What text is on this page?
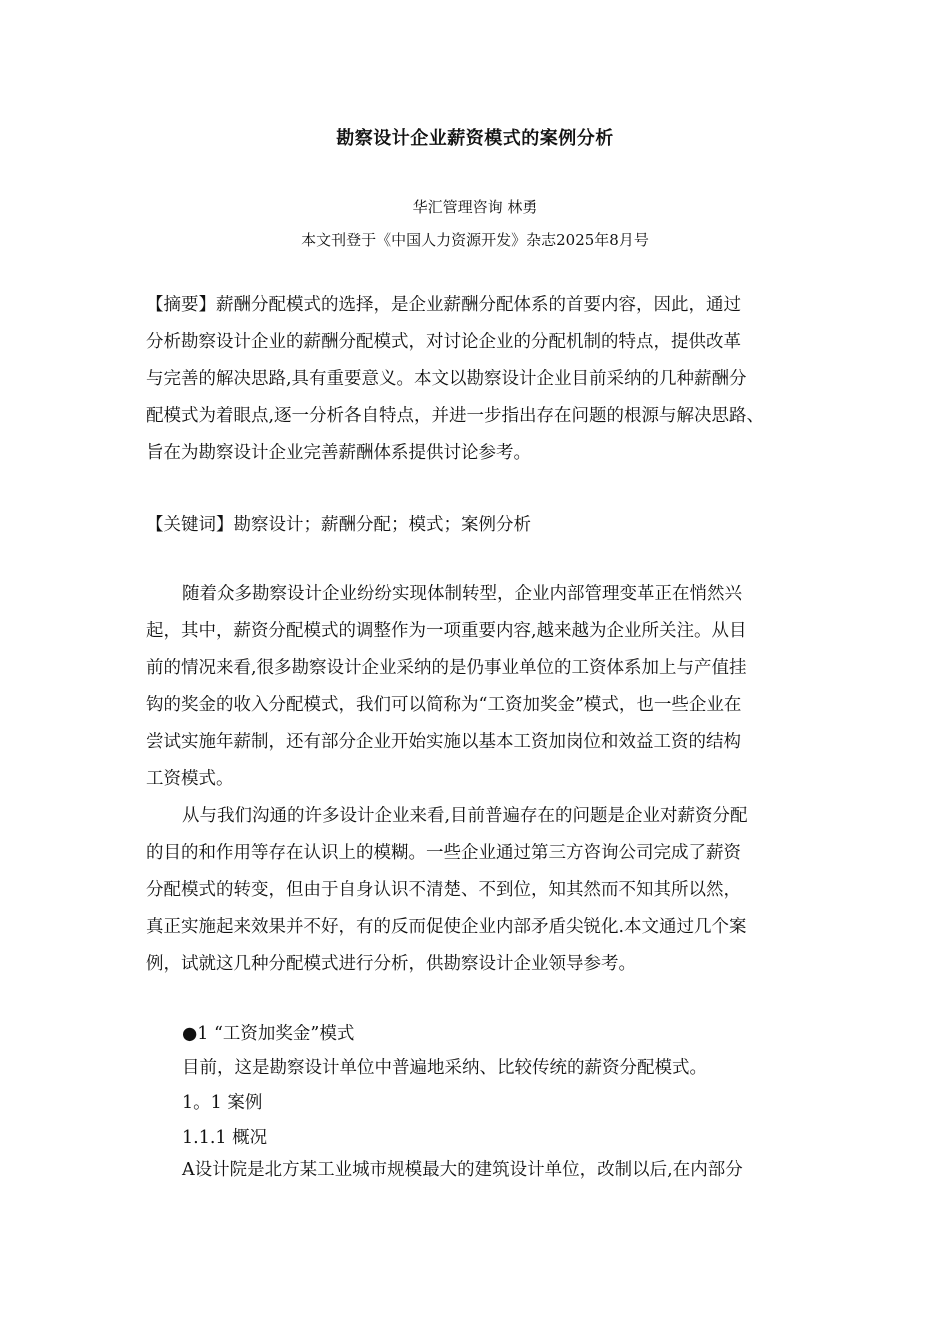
勘察设计企业薪资模式的案例分析
华汇管理咨询 林勇
本文刊登于《中国人力资源开发》杂志2025年8月号
【摘要】薪酬分配模式的选择，是企业薪酬分配体系的首要内容，因此，通过
分析勘察设计企业的薪酬分配模式，对讨论企业的分配机制的特点，提供改革
与完善的解决思路,具有重要意义。本文以勘察设计企业目前采纳的几种薪酬分
配模式为着眼点,逐一分析各自特点，并进一步指出存在问题的根源与解决思路、
旨在为勘察设计企业完善薪酬体系提供讨论参考。
【关键词】勘察设计；薪酬分配；模式；案例分析
随着众多勘察设计企业纷纷实现体制转型，企业内部管理变革正在悄然兴
起，其中，薪资分配模式的调整作为一项重要内容,越来越为企业所关注。从目
前的情况来看,很多勘察设计企业采纳的是仍事业单位的工资体系加上与产值挂
钩的奖金的收入分配模式，我们可以简称为“工资加奖金”模式，也一些企业在
尝试实施年薪制，还有部分企业开始实施以基本工资加岗位和效益工资的结构
工资模式。
从与我们沟通的许多设计企业来看,目前普遍存在的问题是企业对薪资分配
的目的和作用等存在认识上的模糊。一些企业通过第三方咨询公司完成了薪资
分配模式的转变，但由于自身认识不清楚、不到位，知其然而不知其所以然，
真正实施起来效果并不好，有的反而促使企业内部矛盾尖锐化.本文通过几个案
例，试就这几种分配模式进行分析，供勘察设计企业领导参考。
●1 “工资加奖金”模式
目前，这是勘察设计单位中普遍地采纳、比较传统的薪资分配模式。
1。1 案例
1.1.1 概况
A设计院是北方某工业城市规模最大的建筑设计单位，改制以后,在内部分
